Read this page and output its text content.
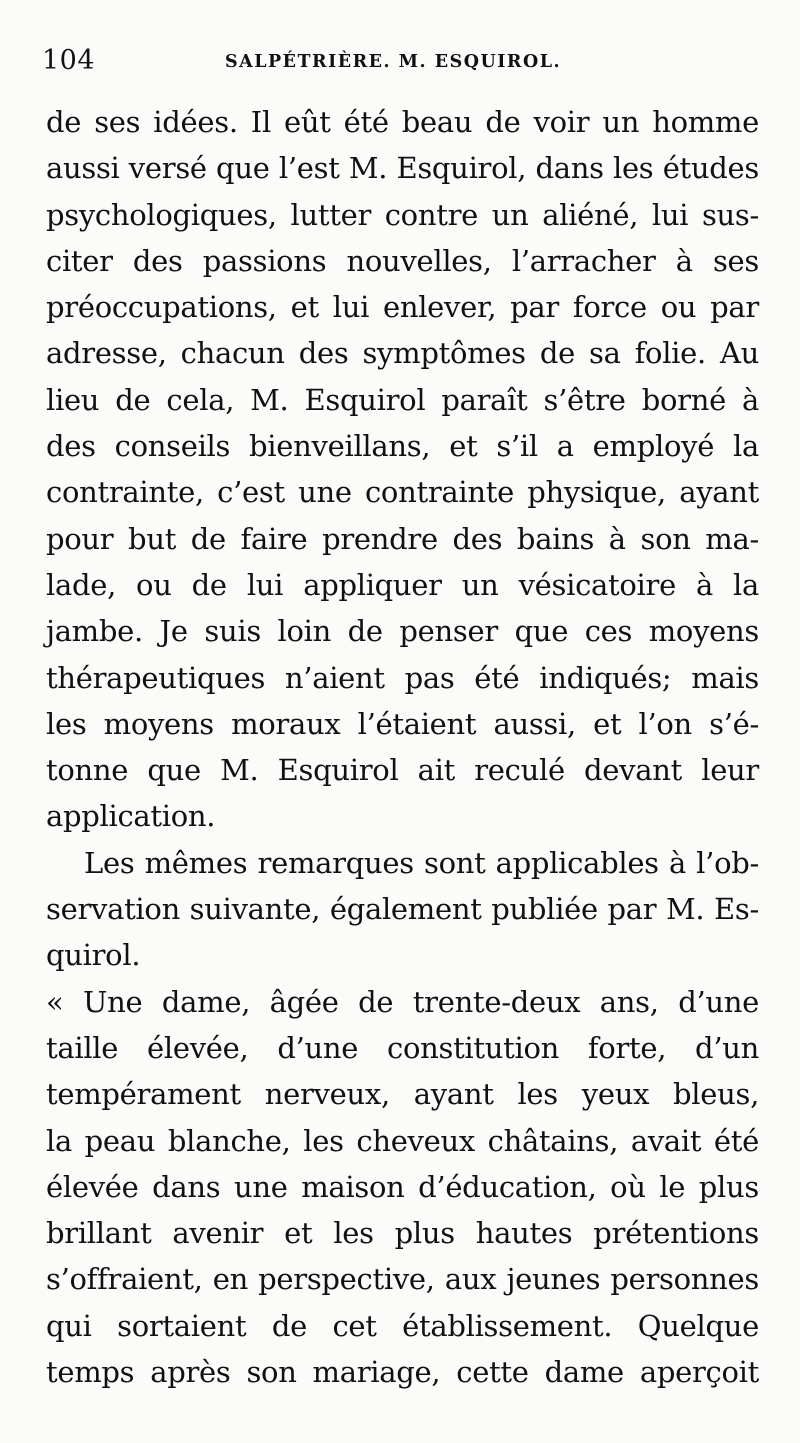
104	SALPÉTRIÈRE. M. ESQUIROL.
de ses idées. Il eût été beau de voir un homme
aussi versé que l’est M. Esquirol, dans les études
psychologiques, lutter contre un aliéné, lui sus-
citer des passions nouvelles, l’arracher à ses
préoccupations, et lui enlever, par force ou par
adresse, chacun des symptômes de sa folie. Au
lieu de cela, M. Esquirol paraît s’être borné à
des conseils bienveillans, et s’il a employé la
contrainte, c’est une contrainte physique, ayant
pour but de faire prendre des bains à son ma-
lade, ou de lui appliquer un vésicatoire à la
jambe. Je suis loin de penser que ces moyens
thérapeutiques n’aient pas été indiqués; mais
les moyens moraux l’étaient aussi, et l’on s’é-
tonne que M. Esquirol ait reculé devant leur
application.
Les mêmes remarques sont applicables à l’ob-
servation suivante, également publiée par M. Es-
quirol.
« Une dame, âgée de trente-deux ans, d’une
taille élevée, d’une constitution forte, d’un
tempérament nerveux, ayant les yeux bleus,
la peau blanche, les cheveux châtains, avait été
élevée dans une maison d’éducation, où le plus
brillant avenir et les plus hautes prétentions
s’offraient, en perspective, aux jeunes personnes
qui sortaient de cet établissement. Quelque
temps après son mariage, cette dame aperçoit
